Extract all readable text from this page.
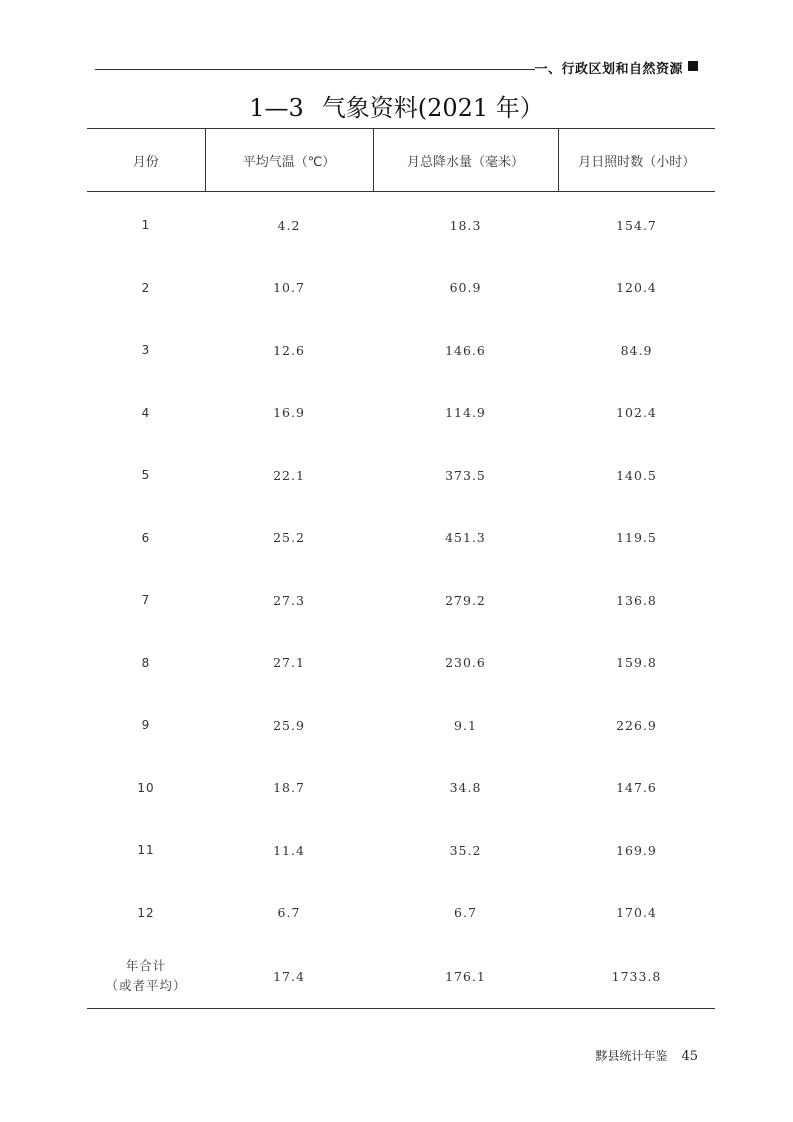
一、行政区划和自然资源
1—3 气象资料(2021 年）
月份	平均气温（℃）	月总降水量（毫米）	月日照时数（小时）
1	4.2	18.3	154.7
2	10.7	60.9	120.4
3	12.6	146.6	84.9
4	16.9	114.9	102.4
5	22.1	373.5	140.5
6	25.2	451.3	119.5
7	27.3	279.2	136.8
8	27.1	230.6	159.8
9	25.9	9.1	226.9
10	18.7	34.8	147.6
11	11.4	35.2	169.9
12	6.7	6.7	170.4
年合计
（或者平均）	17.4	176.1	1733.8
黟县统计年鉴 45
